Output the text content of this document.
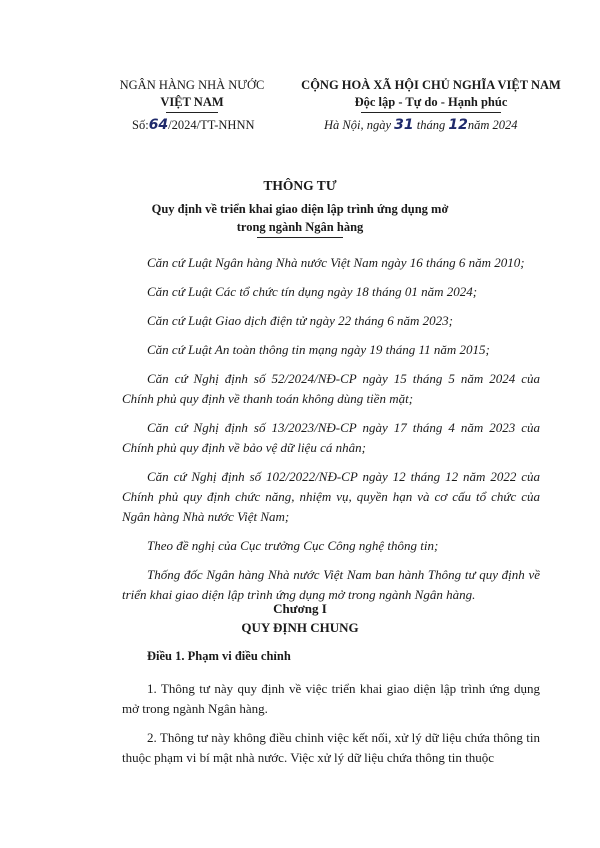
NGÂN HÀNG NHÀ NƯỚC
VIỆT NAM
CỘNG HOÀ XÃ HỘI CHỦ NGHĨA VIỆT NAM
Độc lập - Tự do - Hạnh phúc
Số:64/2024/TT-NHNN	Hà Nội, ngày 31 tháng 12năm 2024
THÔNG TƯ
Quy định về triển khai giao diện lập trình ứng dụng mở
trong ngành Ngân hàng

Căn cứ Luật Ngân hàng Nhà nước Việt Nam ngày 16 tháng 6 năm 2010;

Căn cứ Luật Các tổ chức tín dụng ngày 18 tháng 01 năm 2024;

Căn cứ Luật Giao dịch điện tử ngày 22 tháng 6 năm 2023;

Căn cứ Luật An toàn thông tin mạng ngày 19 tháng 11 năm 2015;

Căn cứ Nghị định số 52/2024/NĐ-CP ngày 15 tháng 5 năm 2024 của Chính phủ quy định về thanh toán không dùng tiền mặt;

Căn cứ Nghị định số 13/2023/NĐ-CP ngày 17 tháng 4 năm 2023 của Chính phủ quy định về bảo vệ dữ liệu cá nhân;

Căn cứ Nghị định số 102/2022/NĐ-CP ngày 12 tháng 12 năm 2022 của Chính phủ quy định chức năng, nhiệm vụ, quyền hạn và cơ cấu tổ chức của Ngân hàng Nhà nước Việt Nam;

Theo đề nghị của Cục trưởng Cục Công nghệ thông tin;

Thống đốc Ngân hàng Nhà nước Việt Nam ban hành Thông tư quy định về triển khai giao diện lập trình ứng dụng mở trong ngành Ngân hàng.

Chương I
QUY ĐỊNH CHUNG
Điều 1. Phạm vi điều chỉnh

1. Thông tư này quy định về việc triển khai giao diện lập trình ứng dụng mở trong ngành Ngân hàng.

2. Thông tư này không điều chỉnh việc kết nối, xử lý dữ liệu chứa thông tin thuộc phạm vi bí mật nhà nước. Việc xử lý dữ liệu chứa thông tin thuộc
